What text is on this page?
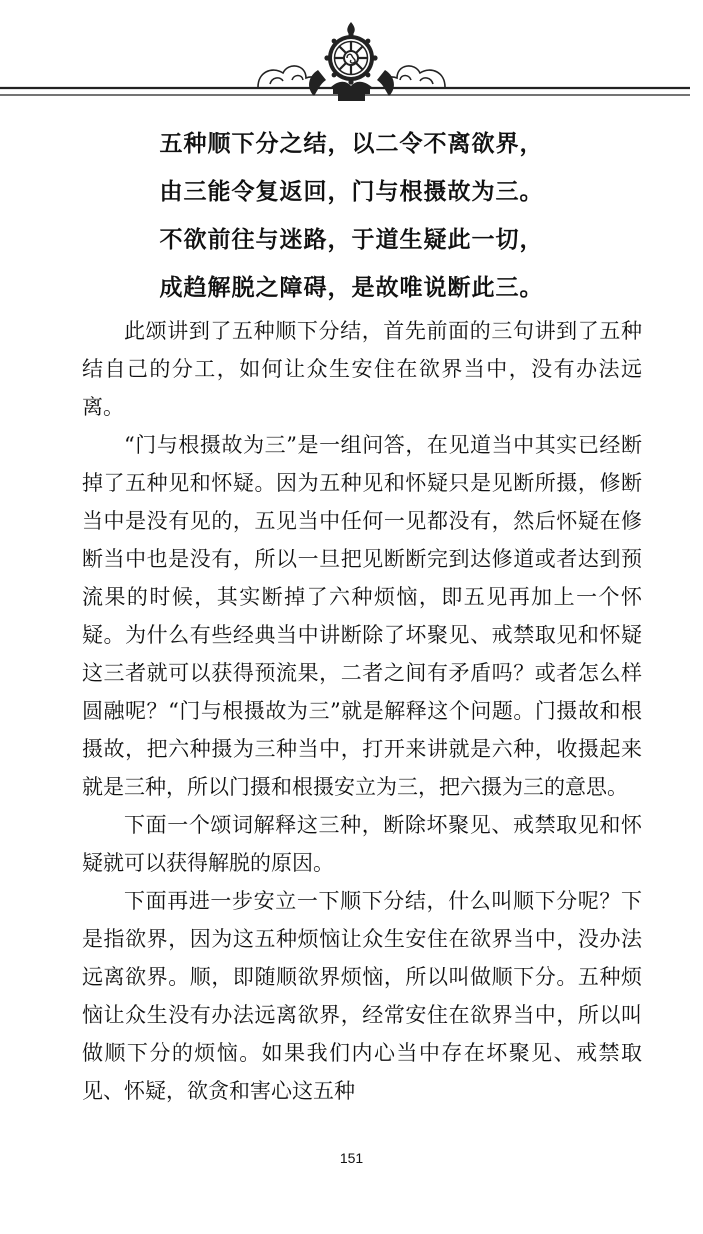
五种顺下分之结，以二令不离欲界，
由三能令复返回，门与根摄故为三。
不欲前往与迷路，于道生疑此一切，
成趋解脱之障碍，是故唯说断此三。

此颂讲到了五种顺下分结，首先前面的三句讲到了五种结自己的分工，如何让众生安住在欲界当中，没有办法远离。

“门与根摄故为三”是一组问答，在见道当中其实已经断掉了五种见和怀疑。因为五种见和怀疑只是见断所摄，修断当中是没有见的，五见当中任何一见都没有，然后怀疑在修断当中也是没有，所以一旦把见断断完到达修道或者达到预流果的时候，其实断掉了六种烦恼，即五见再加上一个怀疑。为什么有些经典当中讲断除了坏聚见、戒禁取见和怀疑这三者就可以获得预流果，二者之间有矛盾吗？或者怎么样圆融呢？“门与根摄故为三”就是解释这个问题。门摄故和根摄故，把六种摄为三种当中，打开来讲就是六种，收摄起来就是三种，所以门摄和根摄安立为三，把六摄为三的意思。

下面一个颂词解释这三种，断除坏聚见、戒禁取见和怀疑就可以获得解脱的原因。

下面再进一步安立一下顺下分结，什么叫顺下分呢？下是指欲界，因为这五种烦恼让众生安住在欲界当中，没办法远离欲界。顺，即随顺欲界烦恼，所以叫做顺下分。五种烦恼让众生没有办法远离欲界，经常安住在欲界当中，所以叫做顺下分的烦恼。如果我们内心当中存在坏聚见、戒禁取见、怀疑，欲贪和害心这五种

151
